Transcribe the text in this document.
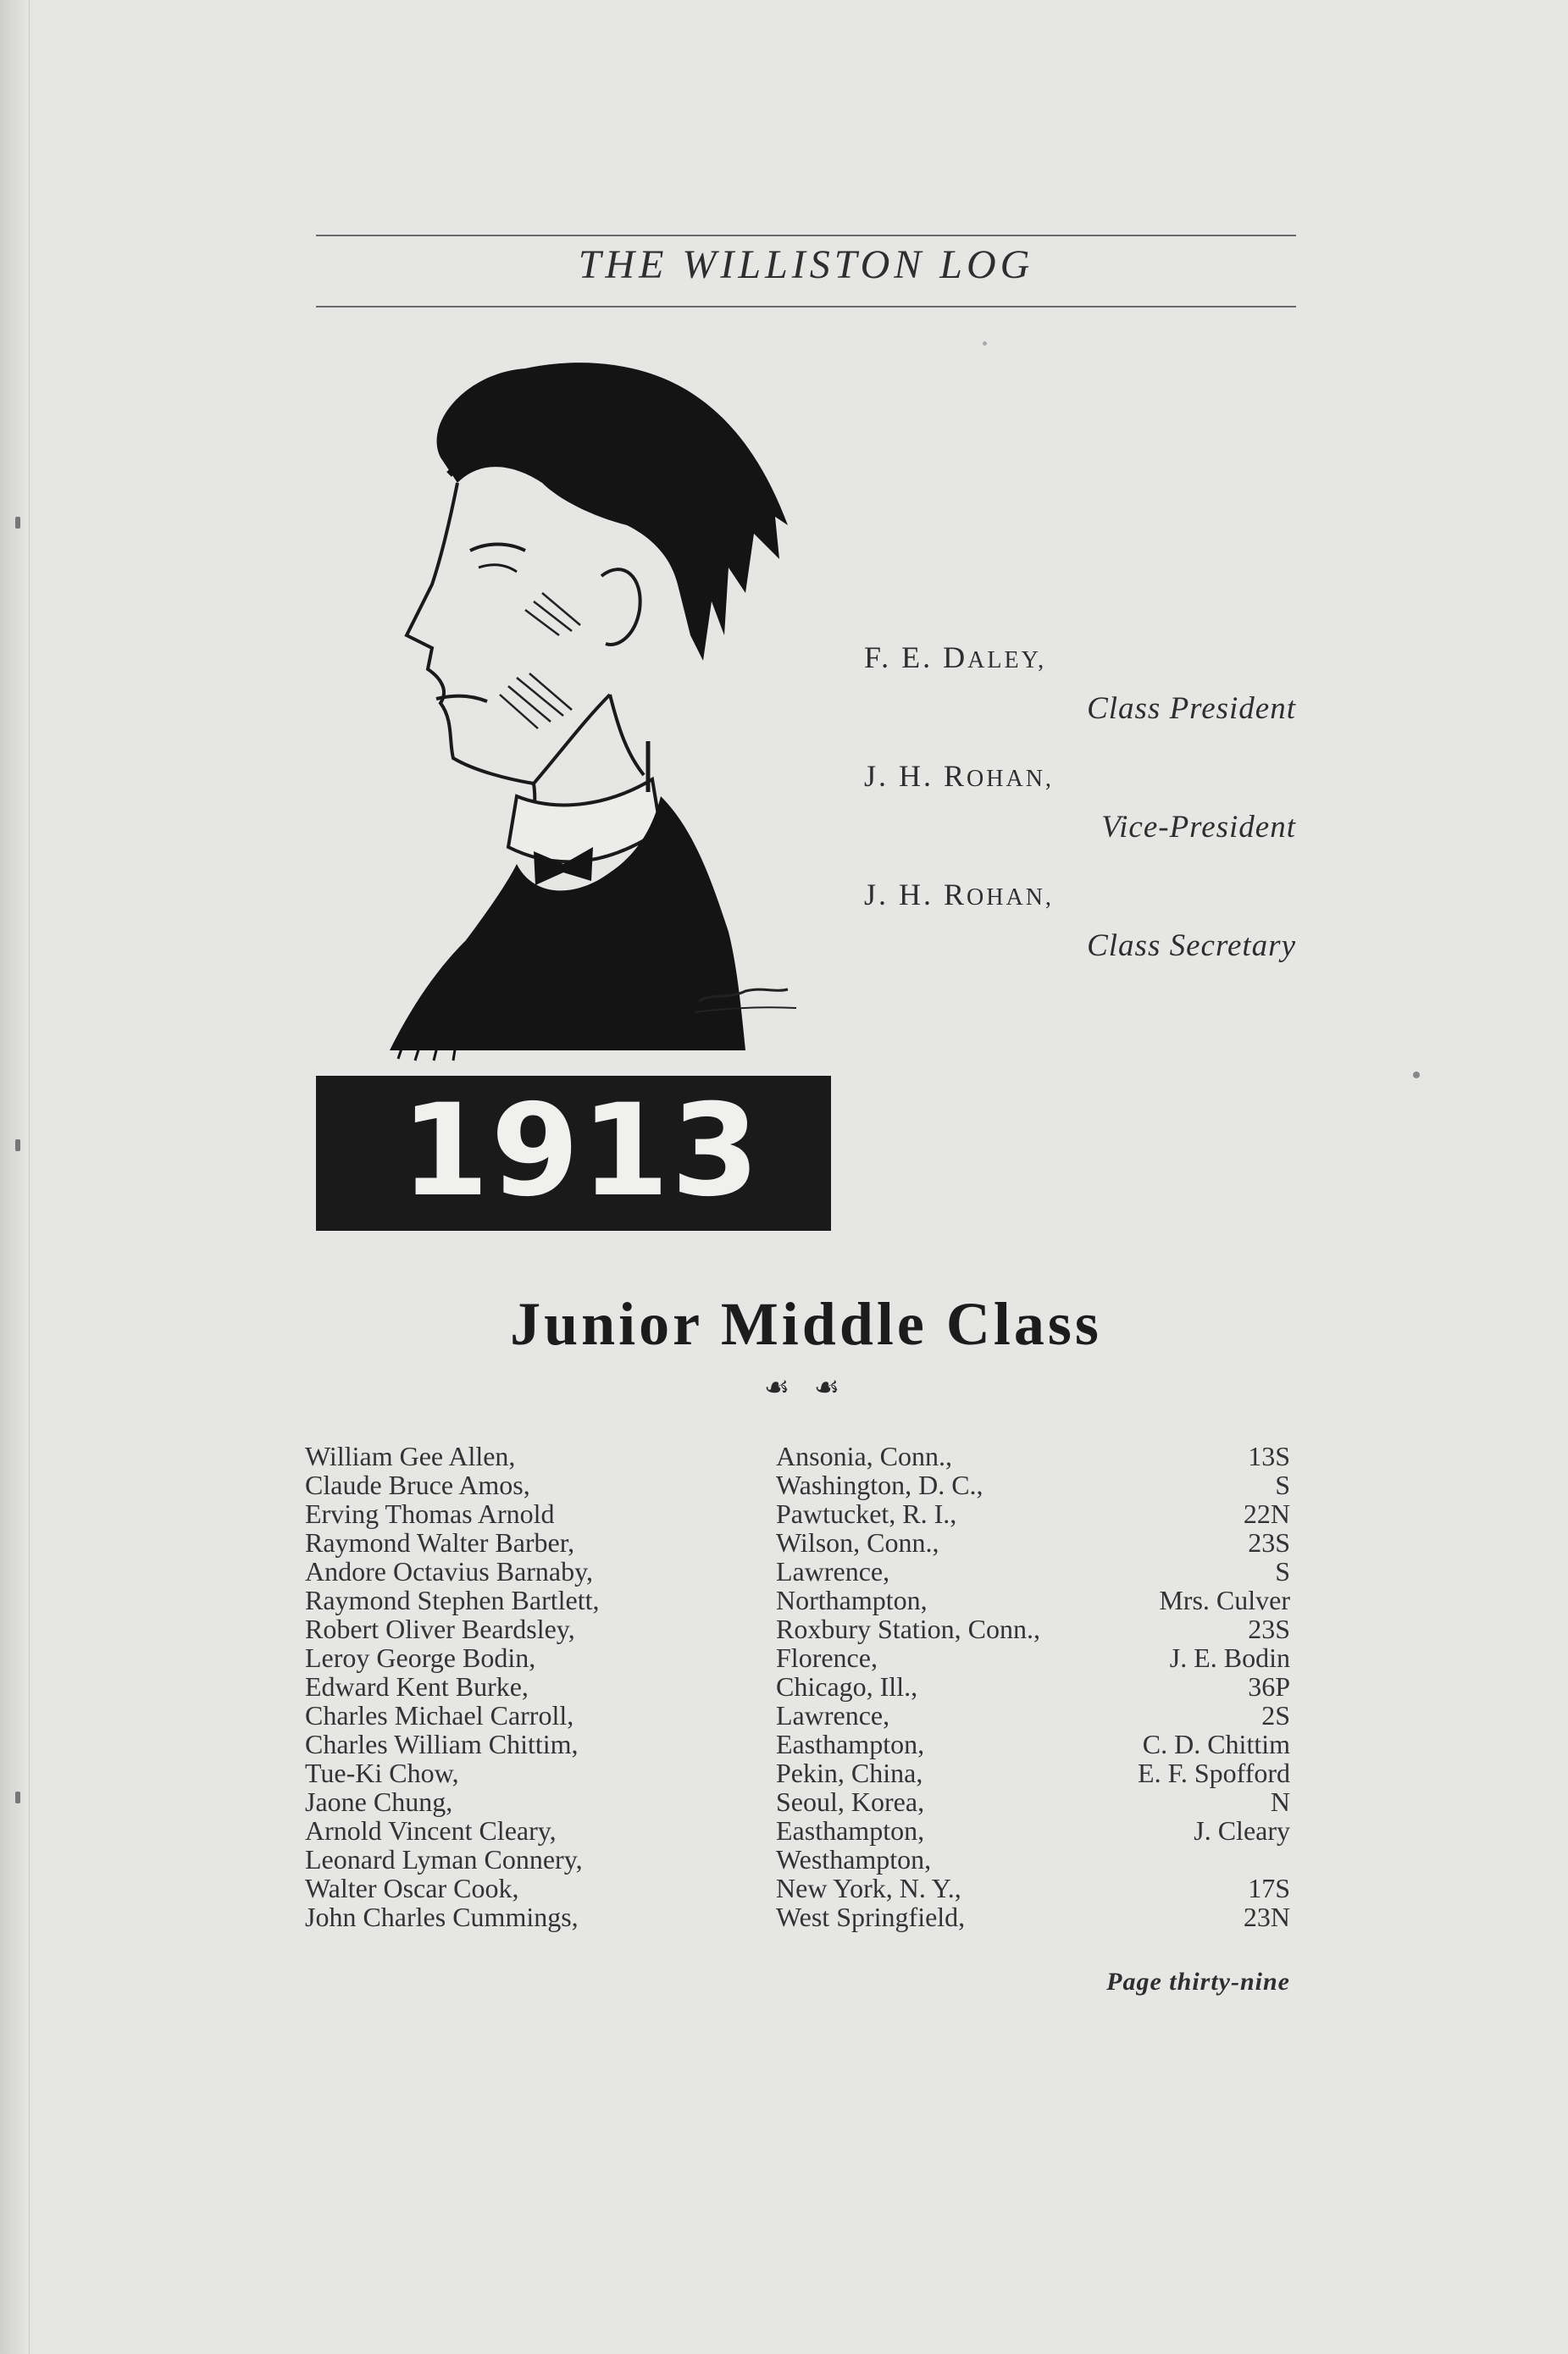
THE WILLISTON LOG
1913
F. E. DALEY,
Class President
J. H. ROHAN,
Vice-President
J. H. ROHAN,
Class Secretary
Junior Middle Class
☙ ☙
William Gee Allen,	Ansonia, Conn.,	13S
Claude Bruce Amos,	Washington, D. C.,	S
Erving Thomas Arnold	Pawtucket, R. I.,	22N
Raymond Walter Barber,	Wilson, Conn.,	23S
Andore Octavius Barnaby,	Lawrence,	S
Raymond Stephen Bartlett,	Northampton,	Mrs. Culver
Robert Oliver Beardsley,	Roxbury Station, Conn.,	23S
Leroy George Bodin,	Florence,	J. E. Bodin
Edward Kent Burke,	Chicago, Ill.,	36P
Charles Michael Carroll,	Lawrence,	2S
Charles William Chittim,	Easthampton,	C. D. Chittim
Tue-Ki Chow,	Pekin, China,	E. F. Spofford
Jaone Chung,	Seoul, Korea,	N
Arnold Vincent Cleary,	Easthampton,	J. Cleary
Leonard Lyman Connery,	Westhampton,
Walter Oscar Cook,	New York, N. Y.,	17S
John Charles Cummings,	West Springfield,	23N
Page thirty-nine
